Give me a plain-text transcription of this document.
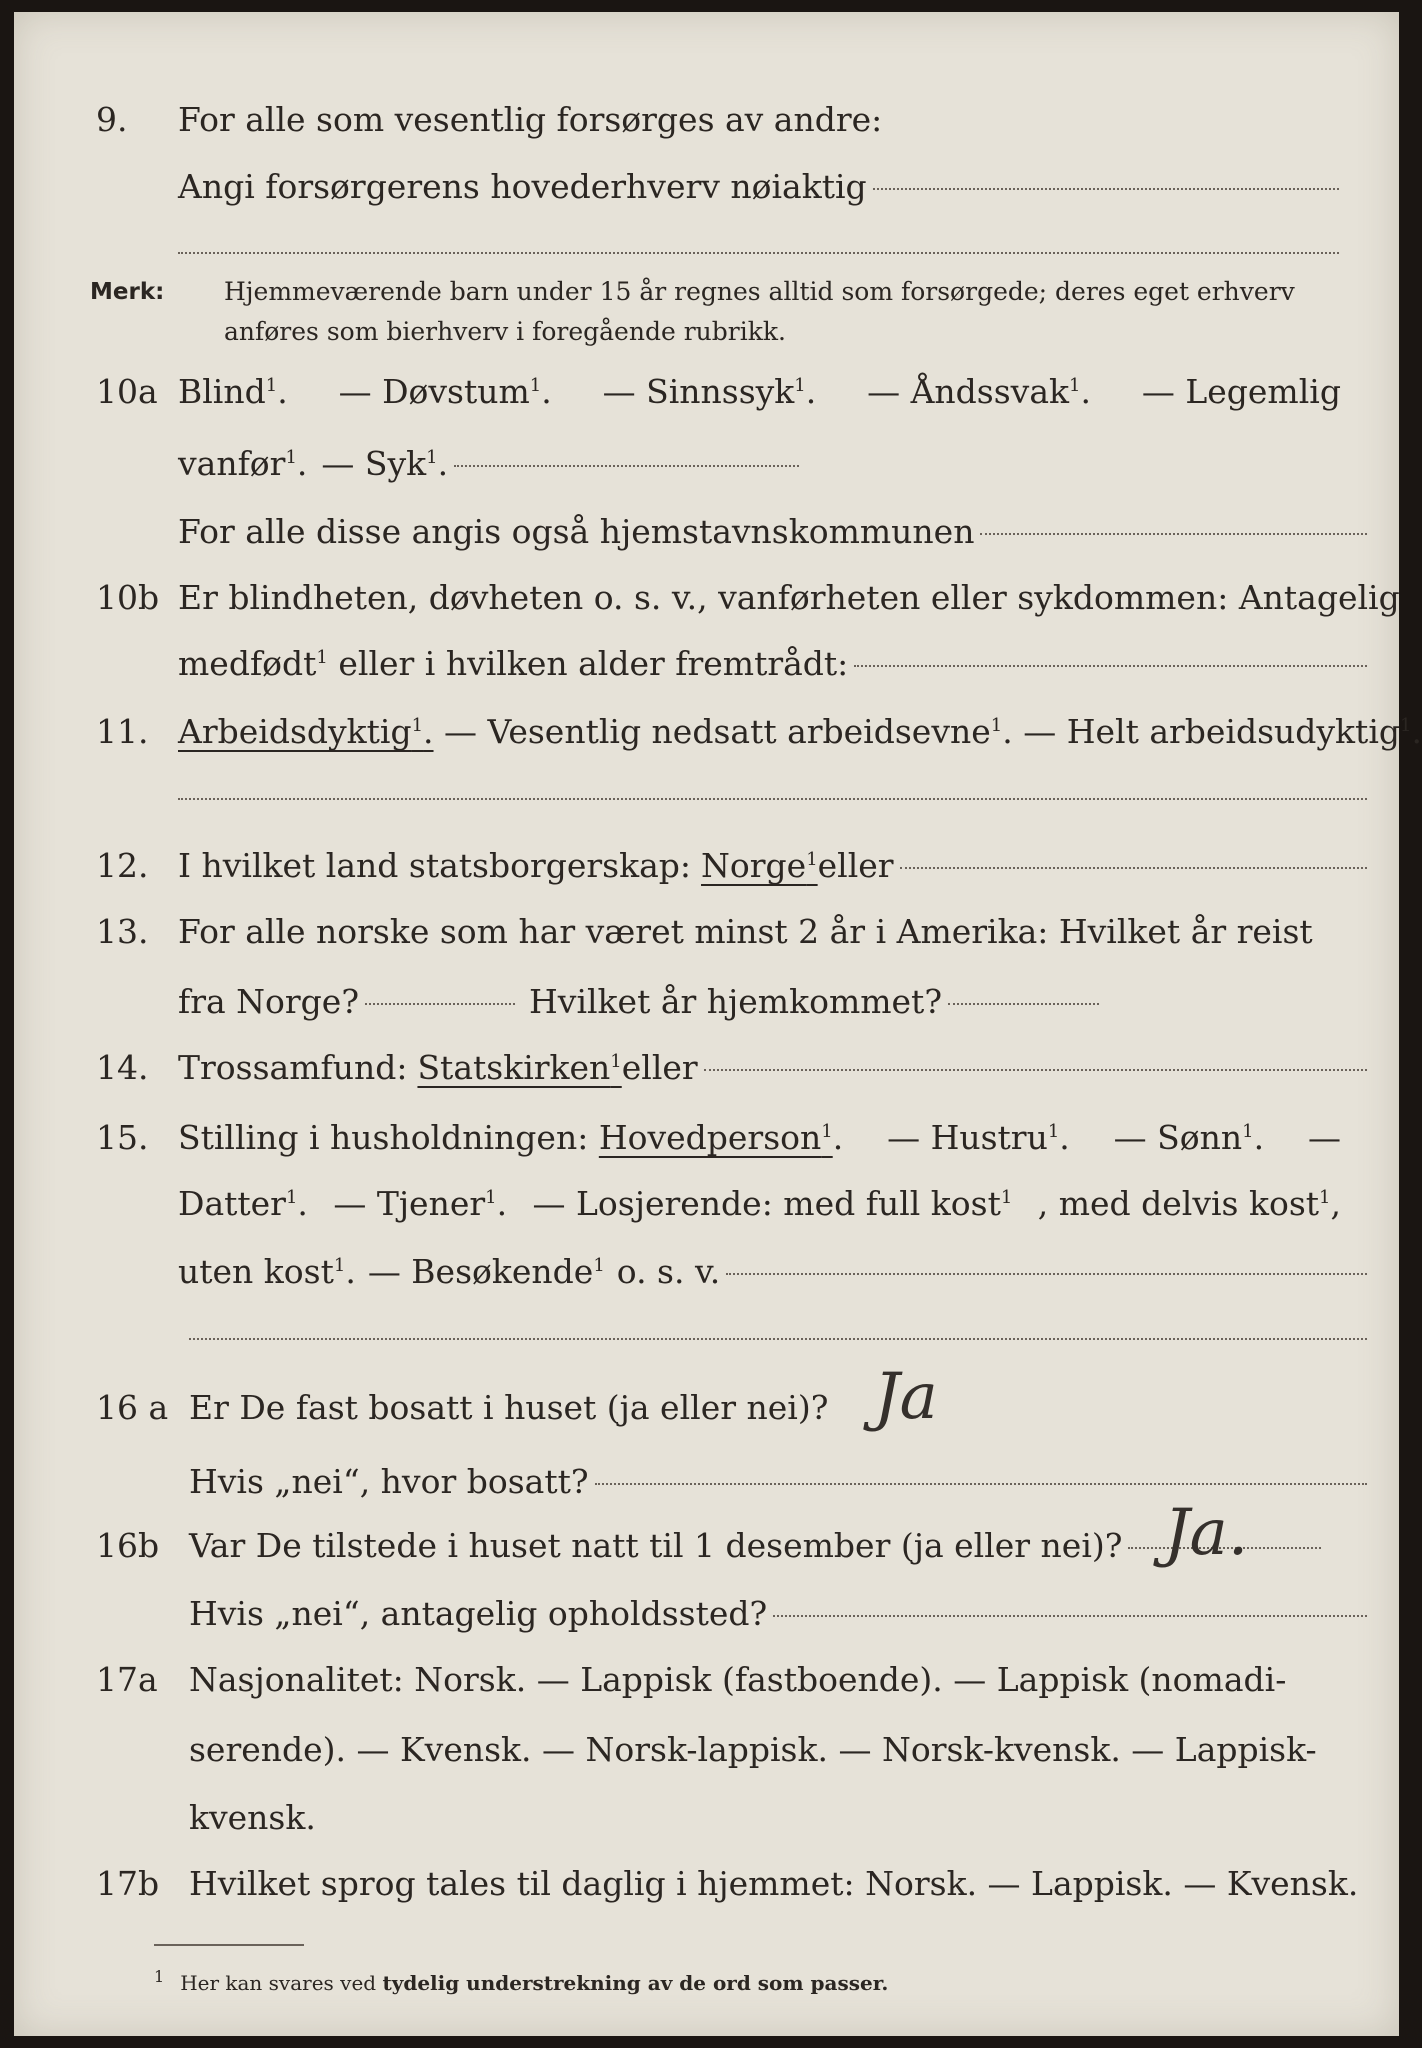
9. For alle som vesentlig forsørges av andre:
Angi forsørgerens hovederhverv nøiaktig
Merk: Hjemmeværende barn under 15 år regnes alltid som forsørgede; deres eget erhverv
anføres som bierhverv i foregående rubrikk.
10a Blind$^1$. — Døvstum$^1$. — Sinnssyk$^1$. — Åndssvak$^1$. — Legemlig
vanfør$^1$. — Syk$^1$.
For alle disse angis også hjemstavnskommunen
10b Er blindheten, døvheten o. s. v., vanførheten eller sykdommen: Antagelig
medfødt$^1$ eller i hvilken alder fremtrådt:
11. Arbeidsdyktig$^1$. — Vesentlig nedsatt arbeidsevne$^1$. — Helt arbeidsudyktig$^1$.
12. I hvilket land statsborgerskap: Norge$^1$ eller
13. For alle norske som har været minst 2 år i Amerika: Hvilket år reist
fra Norge?	Hvilket år hjemkommet?
14. Trossamfund: Statskirken$^1$ eller
15. Stilling i husholdningen: Hovedperson$^1$. — Hustru$^1$. — Sønn$^1$. —
Datter$^1$. — Tjener$^1$. — Losjerende: med full kost$^1$ , med delvis kost$^1$,
uten kost$^1$. — Besøkende$^1$ o. s. v.
16 a Er De fast bosatt i huset (ja eller nei)? Ja
Hvis „nei“, hvor bosatt?
16b Var De tilstede i huset natt til 1 desember (ja eller nei)? Ja.
Hvis „nei“, antagelig opholdssted?
17a Nasjonalitet: Norsk. — Lappisk (fastboende). — Lappisk (nomadi-
serende). — Kvensk. — Norsk-lappisk. — Norsk-kvensk. — Lappisk-
kvensk.
17b Hvilket sprog tales til daglig i hjemmet: Norsk. — Lappisk. — Kvensk.
$^1$ Her kan svares ved tydelig understrekning av de ord som passer.
